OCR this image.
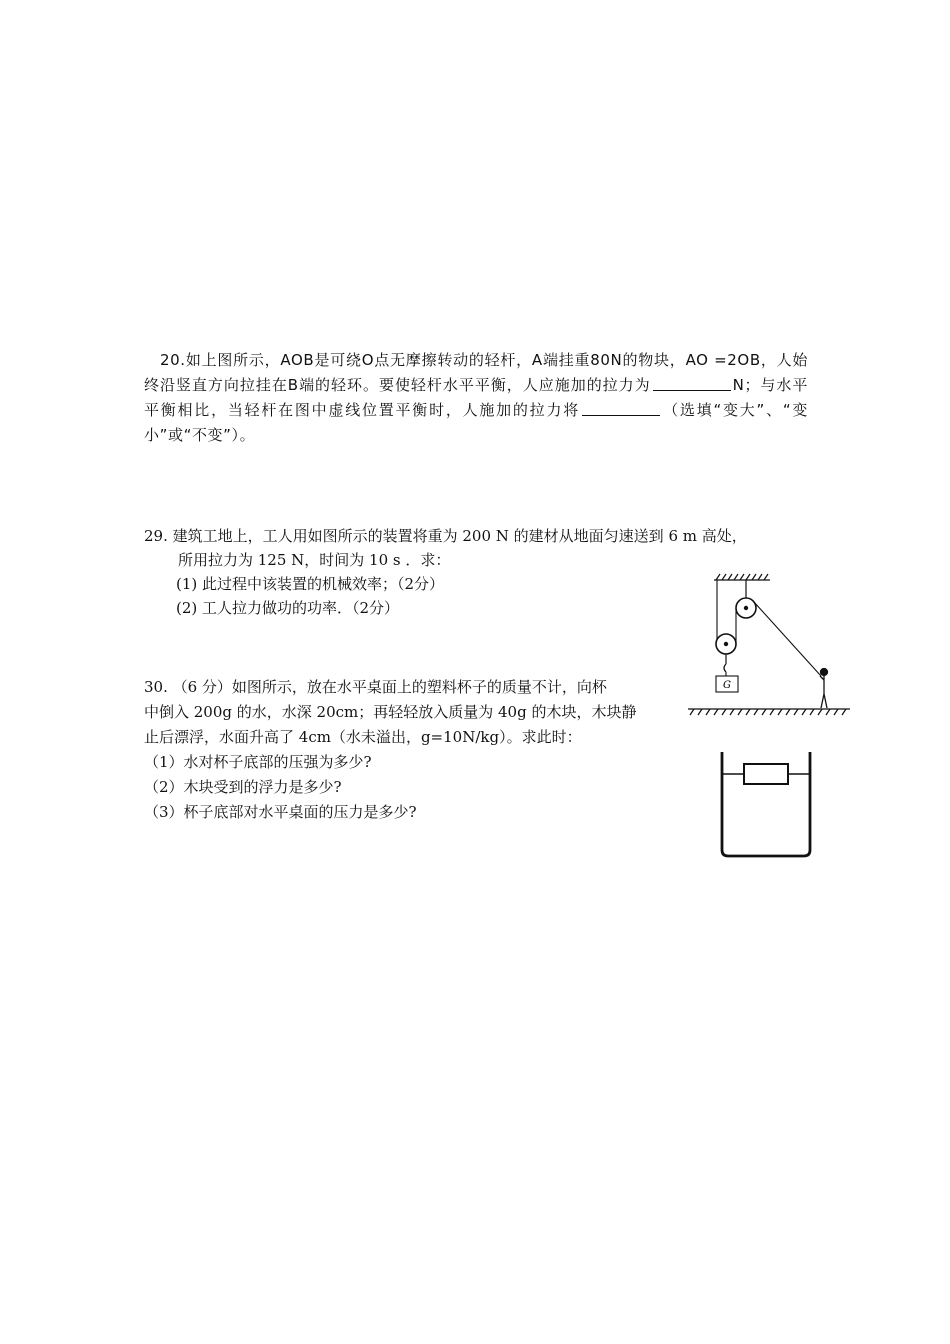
20.如上图所示，AOB是可绕O点无摩擦转动的轻杆，A端挂重80N的物块，AO =2OB，人始终沿竖直方向拉挂在B端的轻环。要使轻杆水平平衡，人应施加的拉力为	N；与水平平衡相比，当轻杆在图中虚线位置平衡时，人施加的拉力将	（选填“变大”、“变小”或“不变”）。
29. 建筑工地上，工人用如图所示的装置将重为 200 N 的建材从地面匀速送到 6 m 高处，
所用拉力为 125 N，时间为 10 s ．求：
(1) 此过程中该装置的机械效率；（2分）
(2) 工人拉力做功的功率．（2分）
G
30. （6 分）如图所示，放在水平桌面上的塑料杯子的质量不计，向杯
中倒入 200g 的水，水深 20cm；再轻轻放入质量为 40g 的木块，木块静
止后漂浮，水面升高了 4cm（水未溢出，g=10N/kg）。求此时：
（1）水对杯子底部的压强为多少?
（2）木块受到的浮力是多少?
（3）杯子底部对水平桌面的压力是多少?
